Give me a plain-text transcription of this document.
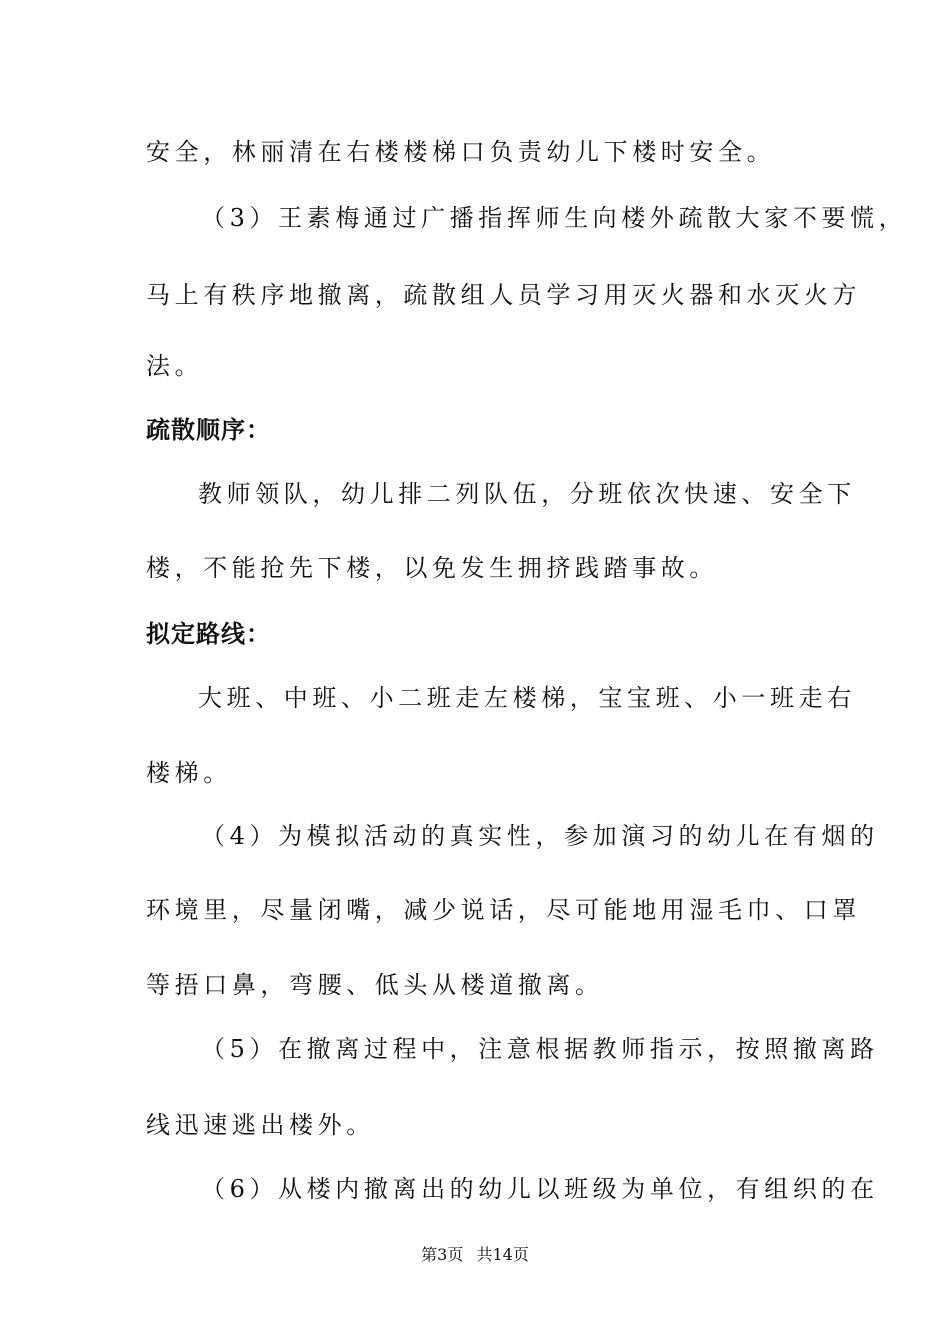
安全，林丽清在右楼楼梯口负责幼儿下楼时安全。
（3）王素梅通过广播指挥师生向楼外疏散大家不要慌，
马上有秩序地撤离，疏散组人员学习用灭火器和水灭火方
法。
疏散顺序：
教师领队，幼儿排二列队伍，分班依次快速、安全下
楼，不能抢先下楼，以免发生拥挤践踏事故。
拟定路线：
大班、中班、小二班走左楼梯，宝宝班、小一班走右
楼梯。
（4）为模拟活动的真实性，参加演习的幼儿在有烟的
环境里，尽量闭嘴，减少说话，尽可能地用湿毛巾、口罩
等捂口鼻，弯腰、低头从楼道撤离。
（5）在撤离过程中，注意根据教师指示，按照撤离路
线迅速逃出楼外。
（6）从楼内撤离出的幼儿以班级为单位，有组织的在
第3页 共14页
